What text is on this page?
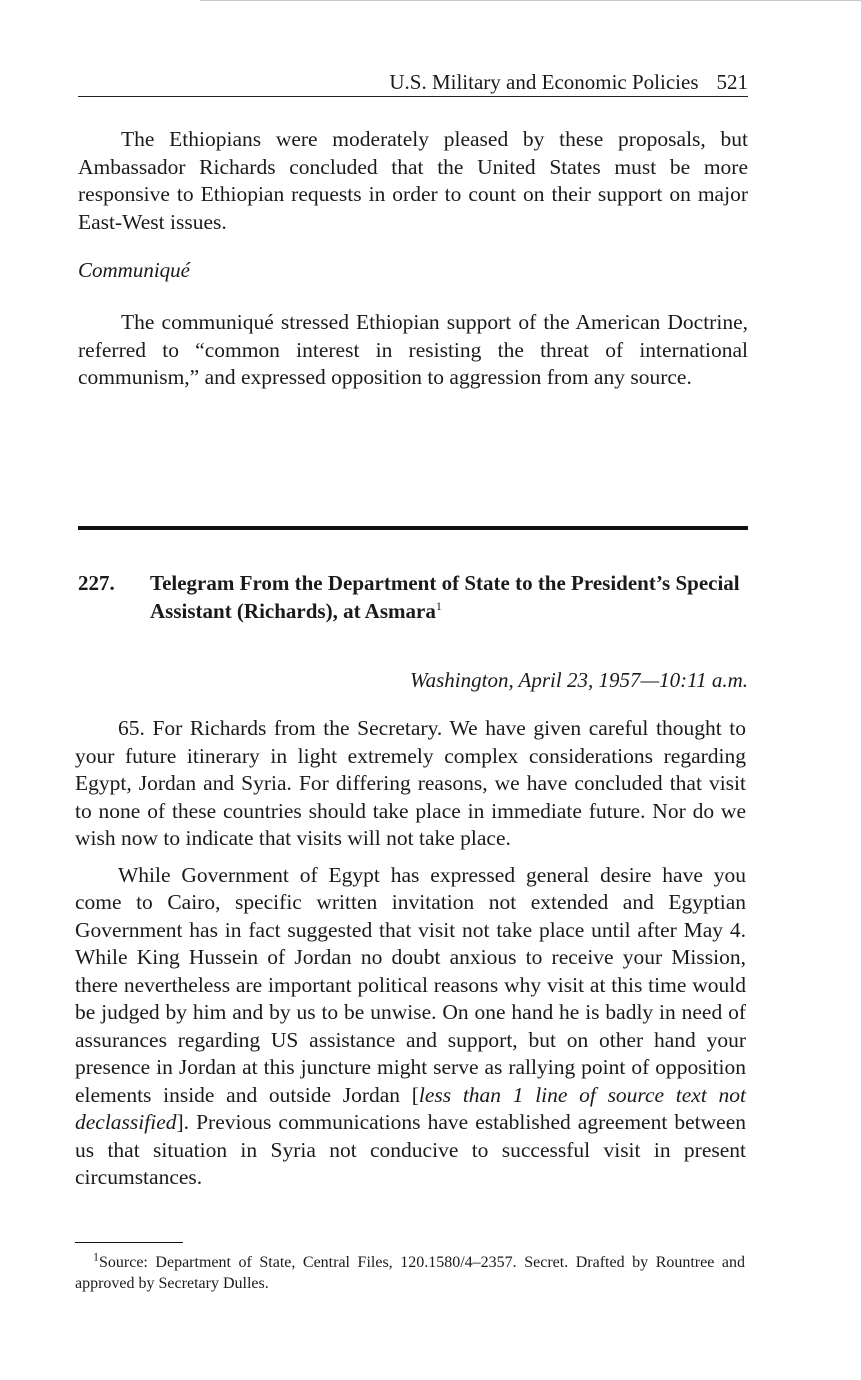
U.S. Military and Economic Policies 521

The Ethiopians were moderately pleased by these proposals, but Ambassador Richards concluded that the United States must be more responsive to Ethiopian requests in order to count on their support on major East-West issues.

Communiqué

The communiqué stressed Ethiopian support of the American Doctrine, referred to “common interest in resisting the threat of international communism,” and expressed opposition to aggression from any source.

227. Telegram From the Department of State to the President’s Special Assistant (Richards), at Asmara$^1$
Washington, April 23, 1957—10:11 a.m.

65. For Richards from the Secretary. We have given careful thought to your future itinerary in light extremely complex considerations regarding Egypt, Jordan and Syria. For differing reasons, we have concluded that visit to none of these countries should take place in immediate future. Nor do we wish now to indicate that visits will not take place.

While Government of Egypt has expressed general desire have you come to Cairo, specific written invitation not extended and Egyptian Government has in fact suggested that visit not take place until after May 4. While King Hussein of Jordan no doubt anxious to receive your Mission, there nevertheless are important political reasons why visit at this time would be judged by him and by us to be unwise. On one hand he is badly in need of assurances regarding US assistance and support, but on other hand your presence in Jordan at this juncture might serve as rallying point of opposition elements inside and outside Jordan [less than 1 line of source text not declassified]. Previous communications have established agreement between us that situation in Syria not conducive to successful visit in present circumstances.

$^1$Source: Department of State, Central Files, 120.1580/4–2357. Secret. Drafted by Rountree and approved by Secretary Dulles.
